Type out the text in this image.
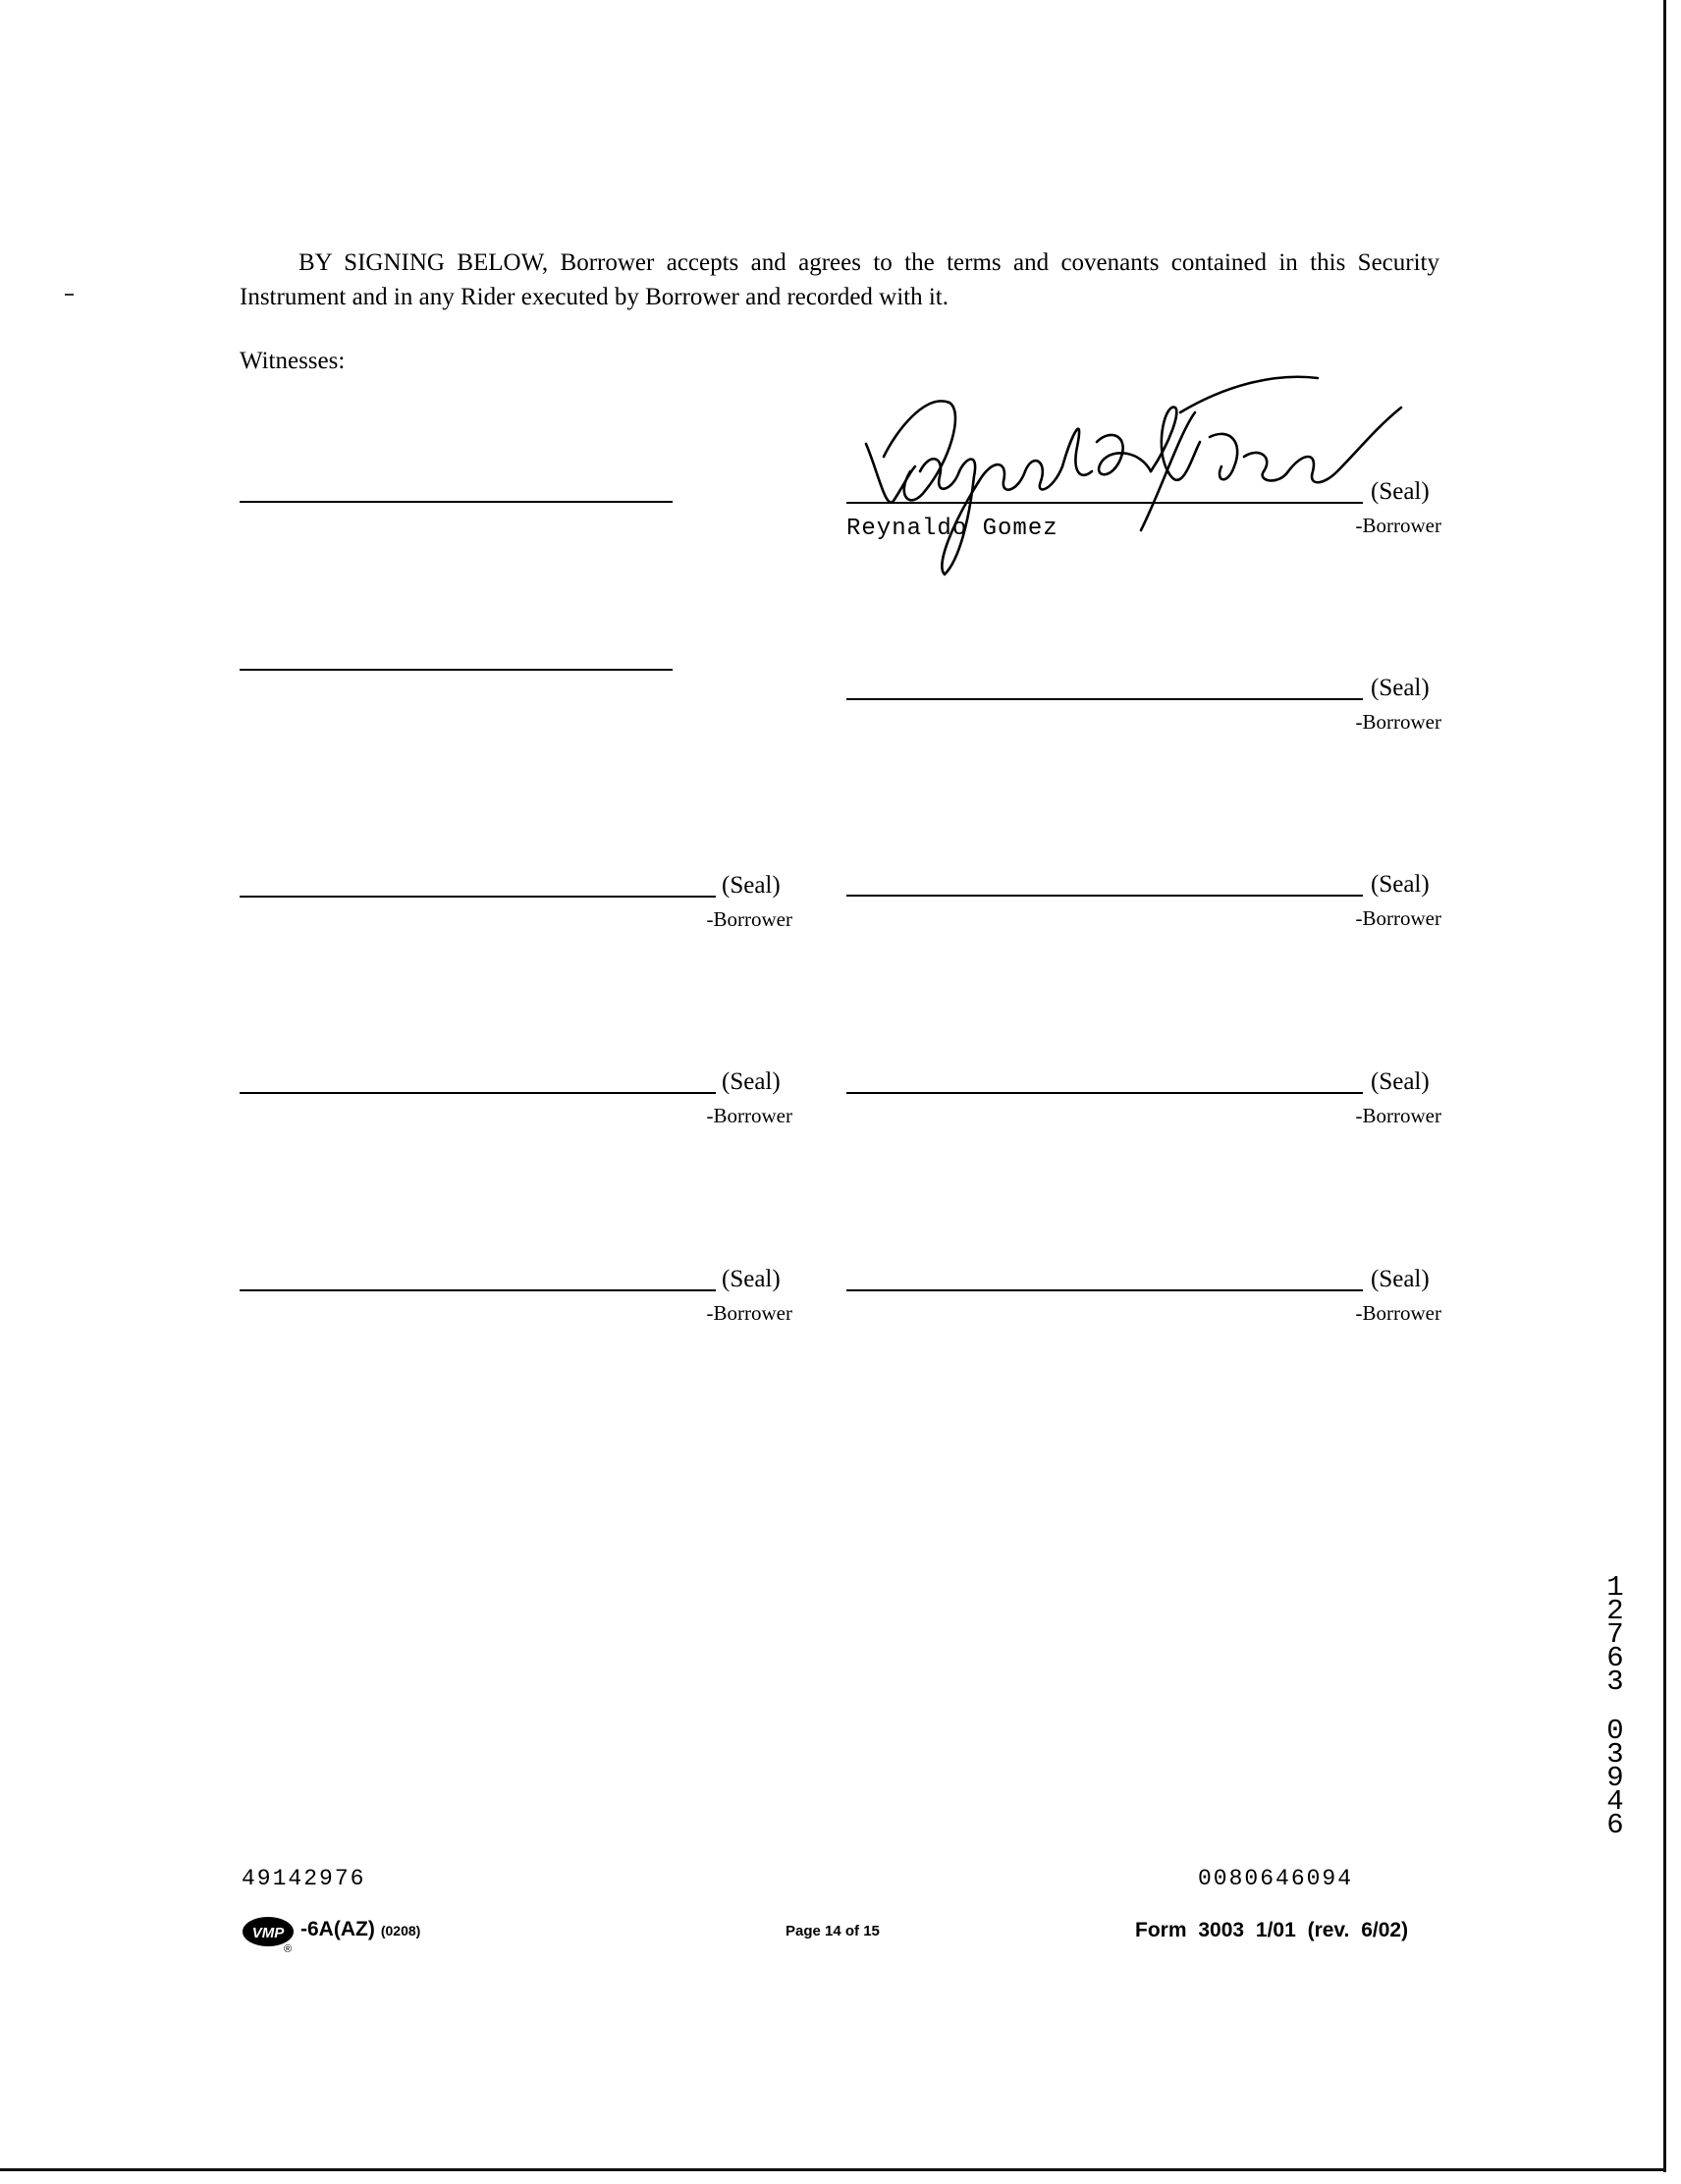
BY SIGNING BELOW, Borrower accepts and agrees to the terms and covenants contained in this Security Instrument and in any Rider executed by Borrower and recorded with it.

Witnesses:
(Seal)
-Borrower
Reynaldo Gomez
(Seal)
-Borrower
(Seal)
-Borrower
(Seal)
-Borrower
(Seal)
-Borrower
(Seal)
-Borrower
(Seal)
-Borrower
(Seal)
-Borrower
1
2
7
6
3
0
3
9
4
6
49142976	0080646094
VMP
®
-6A(AZ) (0208)	Page 14 of 15	Form 3003 1/01 (rev. 6/02)
